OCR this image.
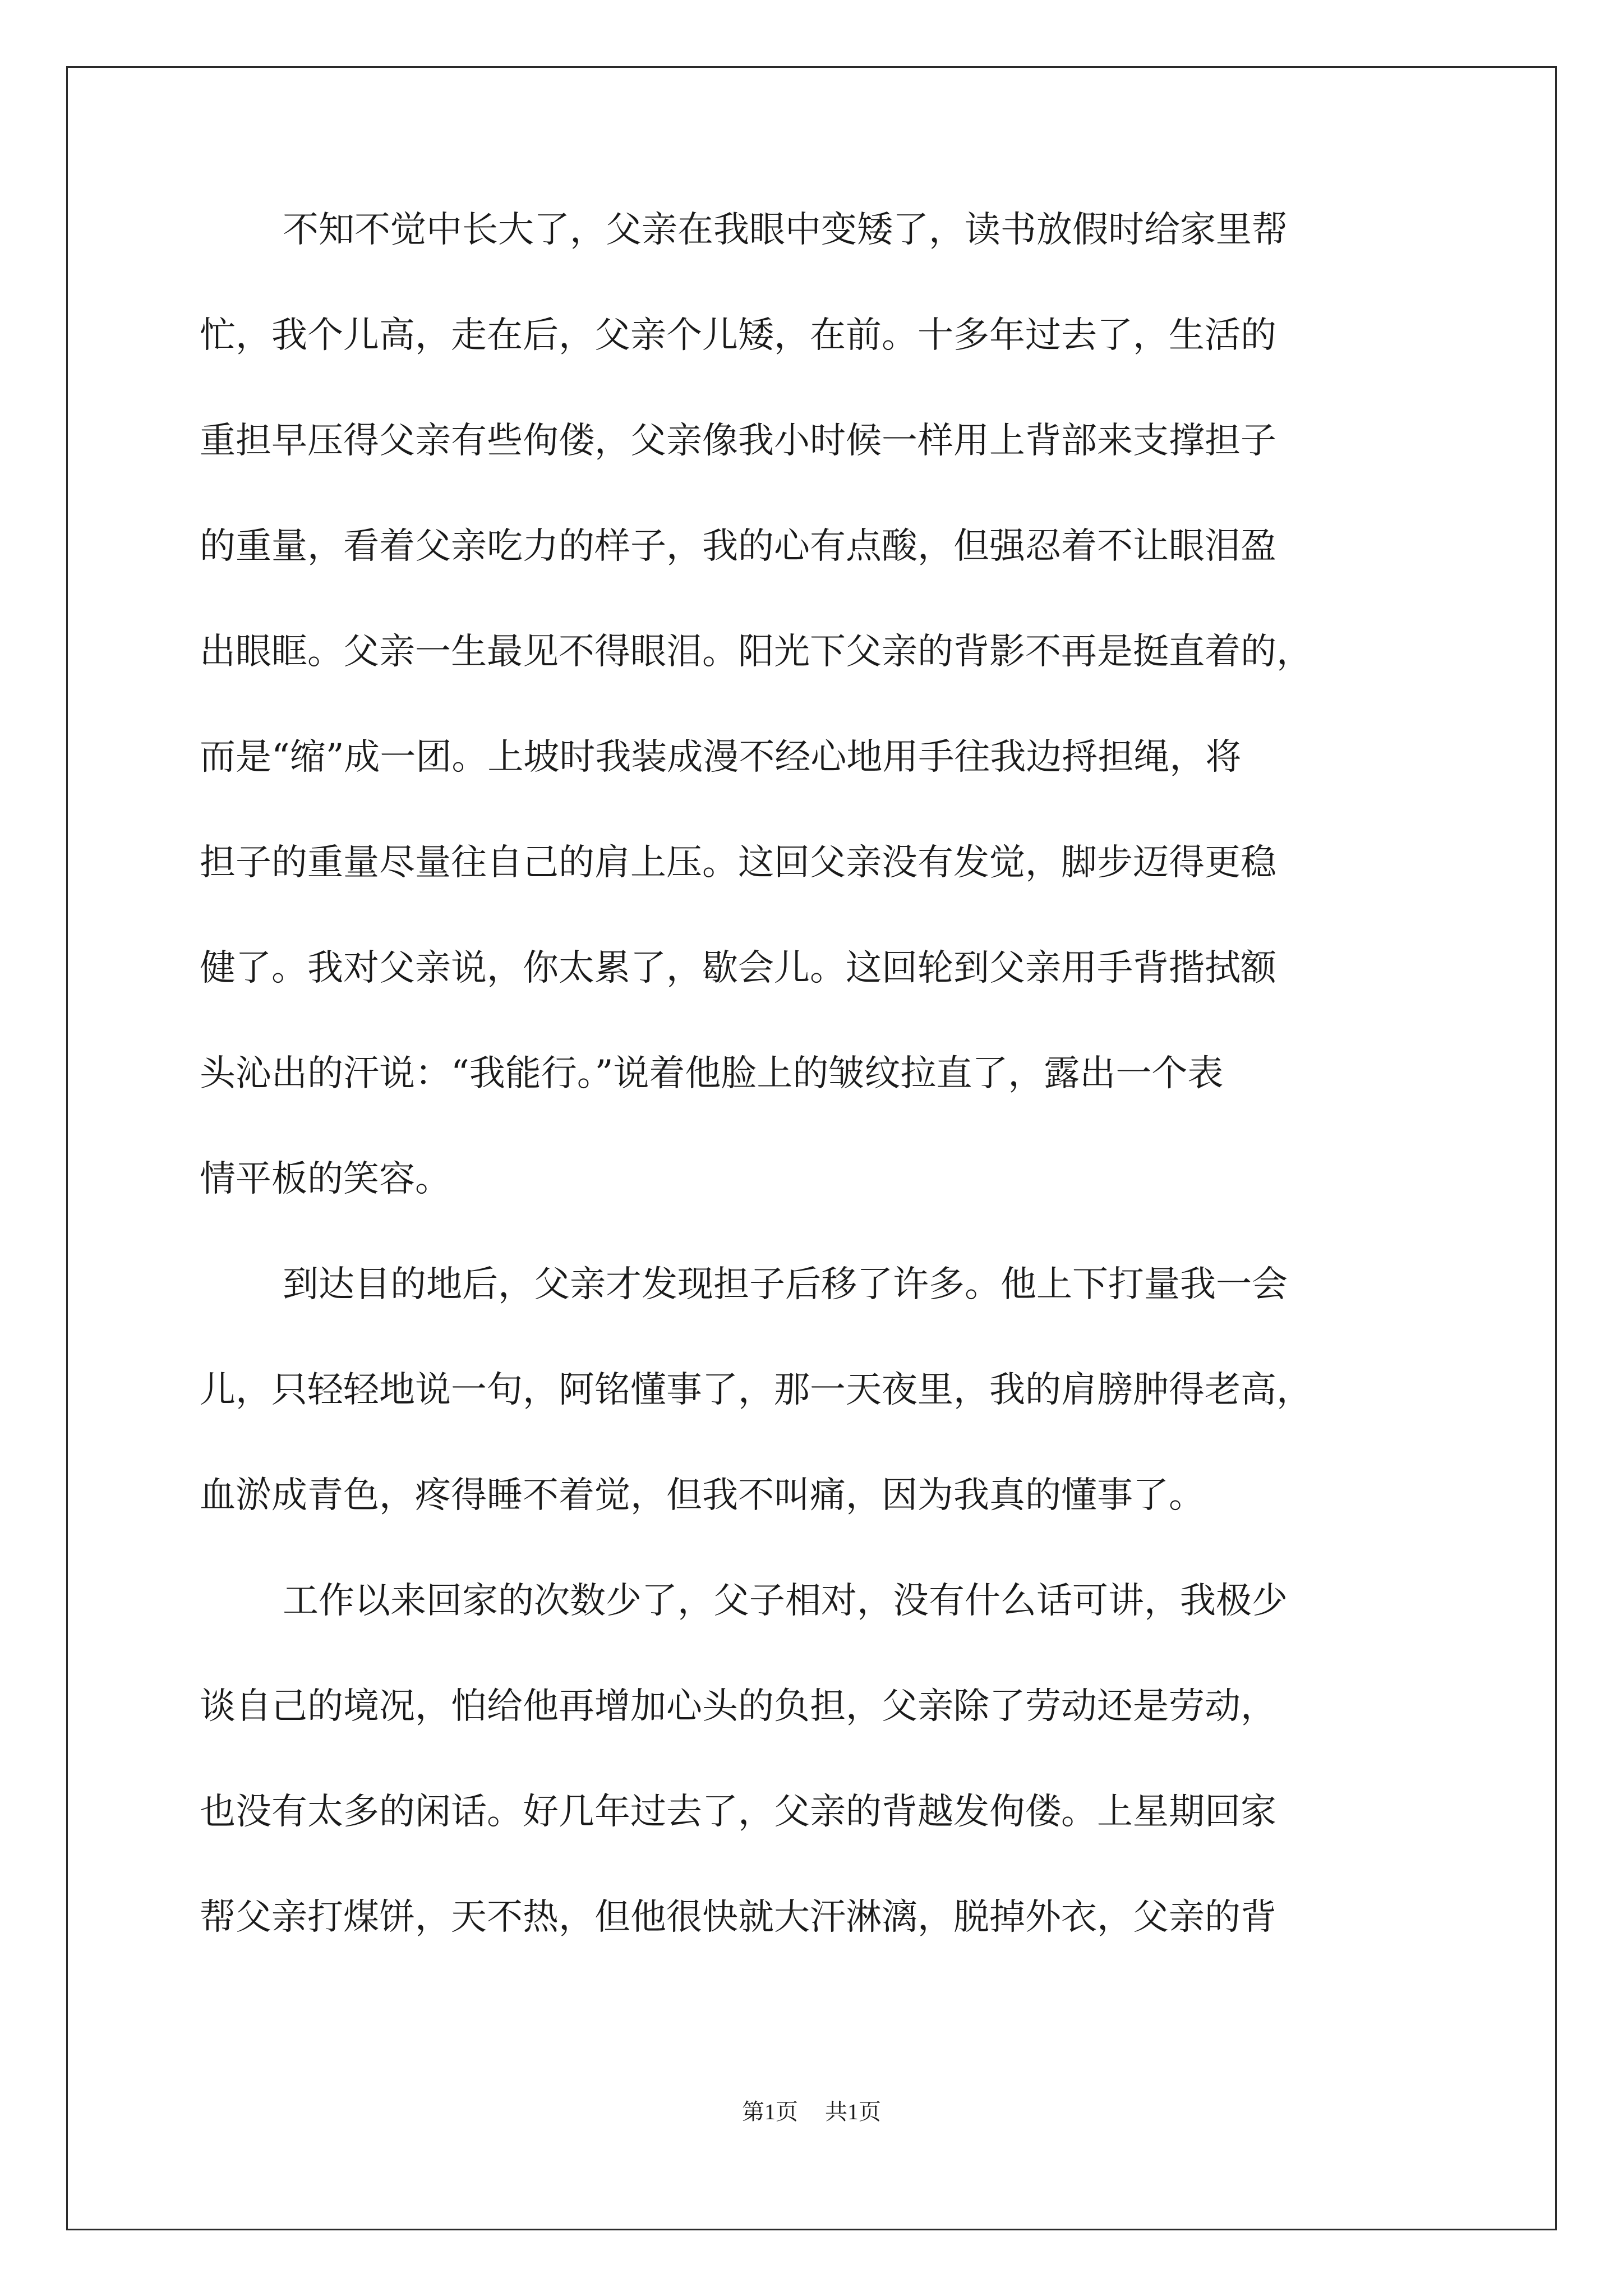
不知不觉中长大了，父亲在我眼中变矮了，读书放假时给家里帮
忙，我个儿高，走在后，父亲个儿矮，在前。十多年过去了，生活的
重担早压得父亲有些佝偻，父亲像我小时候一样用上背部来支撑担子
的重量，看着父亲吃力的样子，我的心有点酸，但强忍着不让眼泪盈
出眼眶。父亲一生最见不得眼泪。阳光下父亲的背影不再是挺直着的，
而是“缩”成一团。上坡时我装成漫不经心地用手往我边捋担绳，将
担子的重量尽量往自己的肩上压。这回父亲没有发觉，脚步迈得更稳
健了。我对父亲说，你太累了，歇会儿。这回轮到父亲用手背揩拭额
头沁出的汗说：“我能行。”说着他脸上的皱纹拉直了，露出一个表
情平板的笑容。
到达目的地后，父亲才发现担子后移了许多。他上下打量我一会
儿，只轻轻地说一句，阿铭懂事了，那一天夜里，我的肩膀肿得老高，
血淤成青色，疼得睡不着觉，但我不叫痛，因为我真的懂事了。
工作以来回家的次数少了，父子相对，没有什么话可讲，我极少
谈自己的境况，怕给他再增加心头的负担，父亲除了劳动还是劳动，
也没有太多的闲话。好几年过去了，父亲的背越发佝偻。上星期回家
帮父亲打煤饼，天不热，但他很快就大汗淋漓，脱掉外衣，父亲的背
第1页 共1页
